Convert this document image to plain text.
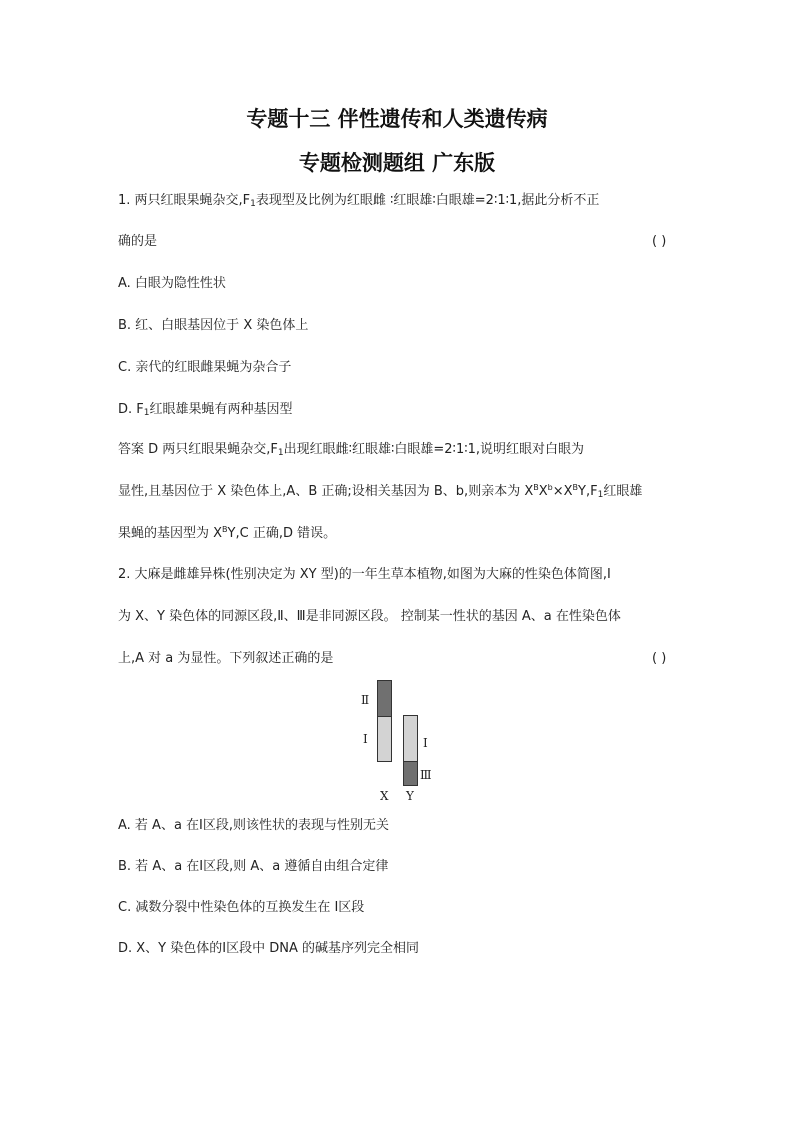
专题十三 伴性遗传和人类遗传病
专题检测题组 广东版
1. 两只红眼果蝇杂交$,F_1$表现型及比例为红眼雌 ∶红眼雄∶白眼雄=2∶1∶1,据此分析不正
确的是	( )
A. 白眼为隐性性状
B. 红、白眼基因位于 X 染色体上
C. 亲代的红眼雌果蝇为杂合子
D. $F_1$红眼雄果蝇有两种基因型
答案 D 两只红眼果蝇杂交$,F_1$出现红眼雌∶红眼雄∶白眼雄=2∶1∶1,说明红眼对白眼为
显性,且基因位于 X 染色体上,A、B 正确;设相关基因为 B、b,则亲本为 $X^BX^b\times X^BY,F_1$红眼雄
果蝇的基因型为 $X^BY,C$ 正确,D 错误。
2. 大麻是雌雄异株(性别决定为 XY 型)的一年生草本植物,如图为大麻的性染色体简图,Ⅰ
为 X、Y 染色体的同源区段,Ⅱ、Ⅲ是非同源区段。 控制某一性状的基因 A、a 在性染色体
上,A 对 a 为显性。下列叙述正确的是	( )
Ⅱ
Ⅰ	Ⅰ
Ⅲ
X Y
A. 若 A、a 在Ⅰ区段,则该性状的表现与性别无关
B. 若 A、a 在Ⅰ区段,则 A、a 遵循自由组合定律
C. 减数分裂中性染色体的互换发生在 Ⅰ区段
D. X、Y 染色体的Ⅰ区段中 DNA 的碱基序列完全相同
